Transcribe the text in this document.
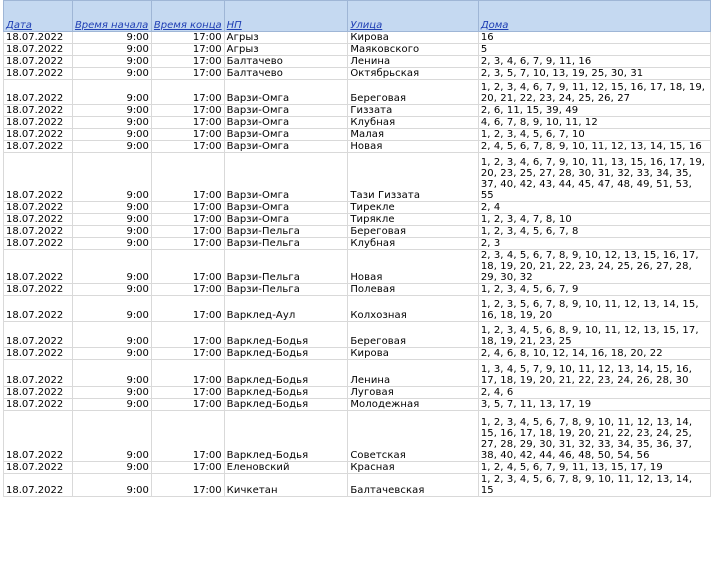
Дата	Время начала	Время конца	НП	Улица	Дома
18.07.2022	9:00	17:00	Агрыз	Кирова	16
18.07.2022	9:00	17:00	Агрыз	Маяковского	5
18.07.2022	9:00	17:00	Балтачево	Ленина	2, 3, 4, 6, 7, 9, 11, 16
18.07.2022	9:00	17:00	Балтачево	Октябрьская	2, 3, 5, 7, 10, 13, 19, 25, 30, 31
18.07.2022	9:00	17:00	Варзи-Омга	Береговая	1, 2, 3, 4, 6, 7, 9, 11, 12, 15, 16, 17, 18, 19, 20, 21, 22, 23, 24, 25, 26, 27
18.07.2022	9:00	17:00	Варзи-Омга	Гиззата	2, 6, 11, 15, 39, 49
18.07.2022	9:00	17:00	Варзи-Омга	Клубная	4, 6, 7, 8, 9, 10, 11, 12
18.07.2022	9:00	17:00	Варзи-Омга	Малая	1, 2, 3, 4, 5, 6, 7, 10
18.07.2022	9:00	17:00	Варзи-Омга	Новая	2, 4, 5, 6, 7, 8, 9, 10, 11, 12, 13, 14, 15, 16
18.07.2022	9:00	17:00	Варзи-Омга	Тази Гиззата	1, 2, 3, 4, 6, 7, 9, 10, 11, 13, 15, 16, 17, 19, 20, 23, 25, 27, 28, 30, 31, 32, 33, 34, 35, 37, 40, 42, 43, 44, 45, 47, 48, 49, 51, 53, 55
18.07.2022	9:00	17:00	Варзи-Омга	Тирекле	2, 4
18.07.2022	9:00	17:00	Варзи-Омга	Тирякле	1, 2, 3, 4, 7, 8, 10
18.07.2022	9:00	17:00	Варзи-Пельга	Береговая	1, 2, 3, 4, 5, 6, 7, 8
18.07.2022	9:00	17:00	Варзи-Пельга	Клубная	2, 3
18.07.2022	9:00	17:00	Варзи-Пельга	Новая	2, 3, 4, 5, 6, 7, 8, 9, 10, 12, 13, 15, 16, 17, 18, 19, 20, 21, 22, 23, 24, 25, 26, 27, 28, 29, 30, 32
18.07.2022	9:00	17:00	Варзи-Пельга	Полевая	1, 2, 3, 4, 5, 6, 7, 9
18.07.2022	9:00	17:00	Варклед-Аул	Колхозная	1, 2, 3, 5, 6, 7, 8, 9, 10, 11, 12, 13, 14, 15, 16, 18, 19, 20
18.07.2022	9:00	17:00	Варклед-Бодья	Береговая	1, 2, 3, 4, 5, 6, 8, 9, 10, 11, 12, 13, 15, 17, 18, 19, 21, 23, 25
18.07.2022	9:00	17:00	Варклед-Бодья	Кирова	2, 4, 6, 8, 10, 12, 14, 16, 18, 20, 22
18.07.2022	9:00	17:00	Варклед-Бодья	Ленина	1, 3, 4, 5, 7, 9, 10, 11, 12, 13, 14, 15, 16, 17, 18, 19, 20, 21, 22, 23, 24, 26, 28, 30
18.07.2022	9:00	17:00	Варклед-Бодья	Луговая	2, 4, 6
18.07.2022	9:00	17:00	Варклед-Бодья	Молодежная	3, 5, 7, 11, 13, 17, 19
18.07.2022	9:00	17:00	Варклед-Бодья	Советская	1, 2, 3, 4, 5, 6, 7, 8, 9, 10, 11, 12, 13, 14, 15, 16, 17, 18, 19, 20, 21, 22, 23, 24, 25, 27, 28, 29, 30, 31, 32, 33, 34, 35, 36, 37, 38, 40, 42, 44, 46, 48, 50, 54, 56
18.07.2022	9:00	17:00	Еленовский	Красная	1, 2, 4, 5, 6, 7, 9, 11, 13, 15, 17, 19
18.07.2022	9:00	17:00	Кичкетан	Балтачевская	1, 2, 3, 4, 5, 6, 7, 8, 9, 10, 11, 12, 13, 14, 15
